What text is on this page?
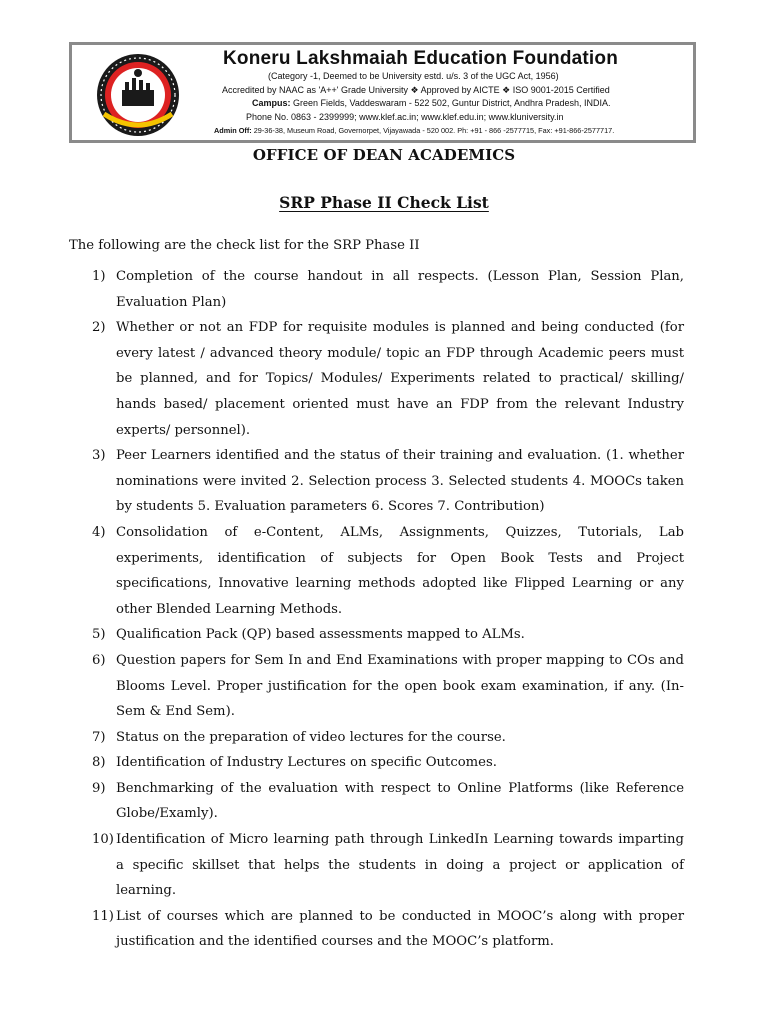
Koneru Lakshmaiah Education Foundation
(Category -1, Deemed to be University estd. u/s. 3 of the UGC Act, 1956)
Accredited by NAAC as 'A++' Grade University ❖ Approved by AICTE ❖ ISO 9001-2015 Certified
Campus: Green Fields, Vaddeswaram - 522 502, Guntur District, Andhra Pradesh, INDIA.
Phone No. 0863 - 2399999; www.klef.ac.in; www.klef.edu.in; www.kluniversity.in
Admin Off: 29-36-38, Museum Road, Governorpet, Vijayawada - 520 002. Ph: +91 - 866 -2577715, Fax: +91-866-2577717.
OFFICE OF DEAN ACADEMICS
SRP Phase II Check List
The following are the check list for the SRP Phase II
1) Completion of the course handout in all respects. (Lesson Plan, Session Plan, Evaluation Plan)
2) Whether or not an FDP for requisite modules is planned and being conducted (for every latest / advanced theory module/ topic an FDP through Academic peers must be planned, and for Topics/ Modules/ Experiments related to practical/ skilling/ hands based/ placement oriented must have an FDP from the relevant Industry experts/ personnel).
3) Peer Learners identified and the status of their training and evaluation. (1. whether nominations were invited 2. Selection process 3. Selected students 4. MOOCs taken by students 5. Evaluation parameters 6. Scores 7. Contribution)
4) Consolidation of e-Content, ALMs, Assignments, Quizzes, Tutorials, Lab experiments, identification of subjects for Open Book Tests and Project specifications, Innovative learning methods adopted like Flipped Learning or any other Blended Learning Methods.
5) Qualification Pack (QP) based assessments mapped to ALMs.
6) Question papers for Sem In and End Examinations with proper mapping to COs and Blooms Level. Proper justification for the open book exam examination, if any. (In-Sem & End Sem).
7) Status on the preparation of video lectures for the course.
8) Identification of Industry Lectures on specific Outcomes.
9) Benchmarking of the evaluation with respect to Online Platforms (like Reference Globe/Examly).
10) Identification of Micro learning path through LinkedIn Learning towards imparting a specific skillset that helps the students in doing a project or application of learning.
11) List of courses which are planned to be conducted in MOOC’s along with proper justification and the identified courses and the MOOC’s platform.
